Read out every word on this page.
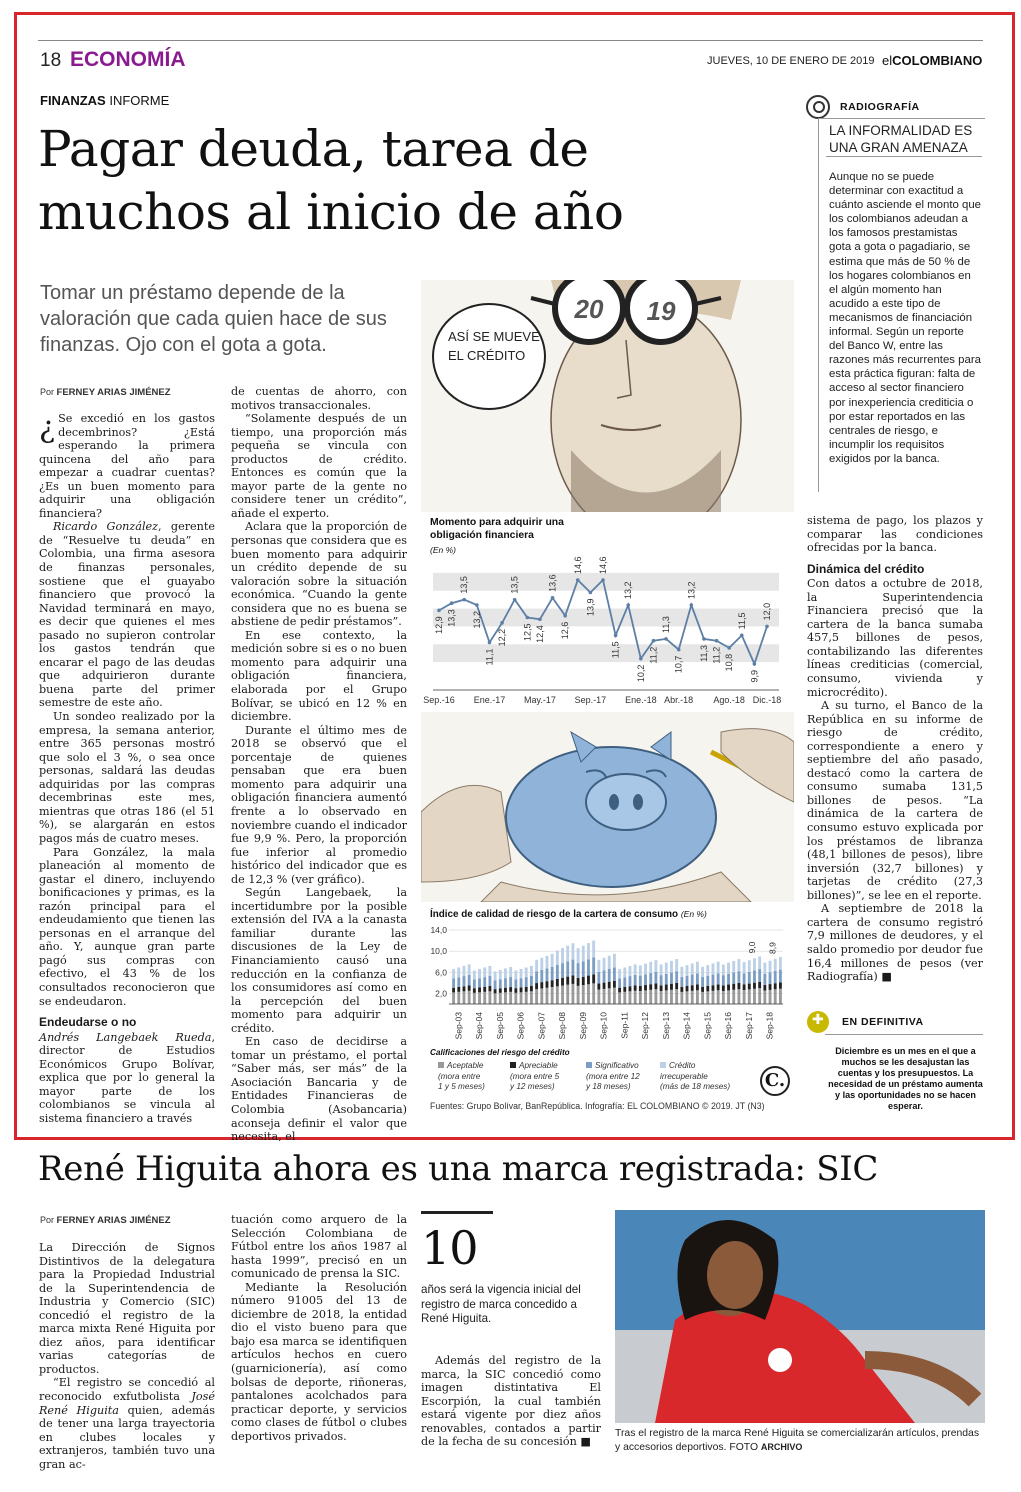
18 ECONOMÍA	JUEVES, 10 DE ENERO DE 2019 elCOLOMBIANO
FINANZAS INFORME
Pagar deuda, tarea de
muchos al inicio de año
Tomar un préstamo depende de la valoración que cada quien hace de sus finanzas. Ojo con el gota a gota.
Por FERNEY ARIAS JIMÉNEZ

¿ Se excedió en los gastos decembrinos? ¿Está esperando la primera quincena del año para empezar a cuadrar cuentas? ¿Es un buen momento para adquirir una obligación financiera?

Ricardo González, gerente de “Resuelve tu deuda” en Colombia, una firma asesora de finanzas personales, sostiene que el guayabo financiero que provocó la Navidad terminará en mayo, es decir que quienes el mes pasado no supieron controlar los gastos tendrán que encarar el pago de las deudas que adquirieron durante buena parte del primer semestre de este año.

Un sondeo realizado por la empresa, la semana anterior, entre 365 personas mostró que solo el 3 %, o sea once personas, saldará las deudas adquiridas por las compras decembrinas este mes, mientras que otras 186 (el 51 %), se alargarán en estos pagos más de cuatro meses.

Para González, la mala planeación al momento de gastar el dinero, incluyendo bonificaciones y primas, es la razón principal para el endeudamiento que tienen las personas en el arranque del año. Y, aunque gran parte pagó sus compras con efectivo, el 43 % de los consultados reconocieron que se endeudaron.

Endeudarse o no

Andrés Langebaek Rueda, director de Estudios Económicos Grupo Bolívar, explica que por lo general la mayor parte de los colombianos se vincula al sistema financiero a través

de cuentas de ahorro, con motivos transaccionales.

“Solamente después de un tiempo, una proporción más pequeña se vincula con productos de crédito. Entonces es común que la mayor parte de la gente no considere tener un crédito”, añade el experto.

Aclara que la proporción de personas que considera que es buen momento para adquirir un crédito depende de su valoración sobre la situación económica. “Cuando la gente considera que no es buena se abstiene de pedir préstamos”.

En ese contexto, la medición sobre si es o no buen momento para adquirir una obligación financiera, elaborada por el Grupo Bolívar, se ubicó en 12 % en diciembre.

Durante el último mes de 2018 se observó que el porcentaje de quienes pensaban que era buen momento para adquirir una obligación financiera aumentó frente a lo observado en noviembre cuando el indicador fue 9,9 %. Pero, la proporción fue inferior al promedio histórico del indicador que es de 12,3 % (ver gráfico).

Según Langebaek, la incertidumbre por la posible extensión del IVA a la canasta familiar durante las discusiones de la Ley de Financiamiento causó una reducción en la confianza de los consumidores así como en la percepción del buen momento para adquirir un crédito.

En caso de decidirse a tomar un préstamo, el portal “Saber más, ser más” de la Asociación Bancaria y de Entidades Financieras de Colombia (Asobancaria) aconseja definir el valor que necesita, el

sistema de pago, los plazos y comparar las condiciones ofrecidas por la banca.

Dinámica del crédito

Con datos a octubre de 2018, la Superintendencia Financiera precisó que la cartera de la banca sumaba 457,5 billones de pesos, contabilizando las diferentes líneas crediticias (comercial, consumo, vivienda y microcrédito).

A su turno, el Banco de la República en su informe de riesgo de crédito, correspondiente a enero y septiembre del año pasado, destacó como la cartera de consumo sumaba 131,5 billones de pesos. “La dinámica de la cartera de consumo estuvo explicada por los préstamos de libranza (48,1 billones de pesos), libre inversión (32,7 billones) y tarjetas de crédito (27,3 billones)”, se lee en el reporte.

A septiembre de 2018 la cartera de consumo registró 7,9 millones de deudores, y el saldo promedio por deudor fue 16,4 millones de pesos (ver Radiografía) ■

RADIOGRAFÍA
LA INFORMALIDAD ES UNA GRAN AMENAZA
Aunque no se puede determinar con exactitud a cuánto asciende el monto que los colombianos adeudan a los famosos prestamistas gota a gota o pagadiario, se estima que más de 50 % de los hogares colombianos en el algún momento han acudido a este tipo de mecanismos de financiación informal. Según un reporte del Banco W, entre las razones más recurrentes para esta práctica figuran: falta de acceso al sector financiero por inexperiencia crediticia o por estar reportados en las centrales de riesgo, e incumplir los requisitos exigidos por la banca.
20 19
ASÍ SE MUEVE EL CRÉDITO
Momento para adquirir una obligación financiera
(En %)
12,9 13,3
13,5
13,2
11,1
12,2
13,5
12,5 12,4
13,6
12,6
14,6
13,9
14,6
11,5
13,2
10,2
11,2
11,3
10,7
13,2
11,3 11,2 10,8
11,5
9,9
12,0
Sep.-16 Ene.-17 May.-17 Sep.-17 Ene.-18 Abr.-18 Ago.-18 Dic.-18
Índice de calidad de riesgo de la cartera de consumo (En %)
14,0
10,0
6,0
2,0
Sep-03 Sep-04 Sep-05 Sep-06 Sep-07 Sep-08 Sep-09 Sep-10 Sep-11 Sep-12 Sep-13 Sep-14 Sep-15 Sep-16 Sep-17
9,0
Sep-18
8,9
Calificaciones del riesgo del crédito
Aceptable
(mora entre
1 y 5 meses)
Apreciable
(mora entre 5
y 12 meses)
Significativo
(mora entre 12
y 18 meses)
Crédito
irrecuperable
(más de 18 meses) C.
Fuentes: Grupo Bolívar, BanRepública. Infografía: EL COLOMBIANO © 2019. JT (N3)
✚
EN DEFINITIVA
Diciembre es un mes en el que a muchos se les desajustan las cuentas y los presupuestos. La necesidad de un préstamo aumenta y las oportunidades no se hacen esperar.
René Higuita ahora es una marca registrada: SIC
Por FERNEY ARIAS JIMÉNEZ

La Dirección de Signos Distintivos de la delegatura para la Propiedad Industrial de la Superintendencia de Industria y Comercio (SIC) concedió el registro de la marca mixta René Higuita por diez años, para identificar varias categorías de productos.

“El registro se concedió al reconocido exfutbolista José René Higuita quien, además de tener una larga trayectoria en clubes locales y extranjeros, también tuvo una gran ac-

tuación como arquero de la Selección Colombiana de Fútbol entre los años 1987 al hasta 1999”, precisó en un comunicado de prensa la SIC.

Mediante la Resolución número 91005 del 13 de diciembre de 2018, la entidad dio el visto bueno para que bajo esa marca se identifiquen artículos hechos en cuero (guarnicionería), así como bolsas de deporte, riñoneras, pantalones acolchados para practicar deporte, y servicios como clases de fútbol o clubes deportivos privados.

10
años será la vigencia inicial del registro de marca concedido a René Higuita.

Además del registro de la marca, la SIC concedió como imagen distintativa El Escorpión, la cual también estará vigente por diez años renovables, contados a partir de la fecha de su concesión ■

Tras el registro de la marca René Higuita se comercializarán artículos, prendas y accesorios deportivos. FOTO ARCHIVO
